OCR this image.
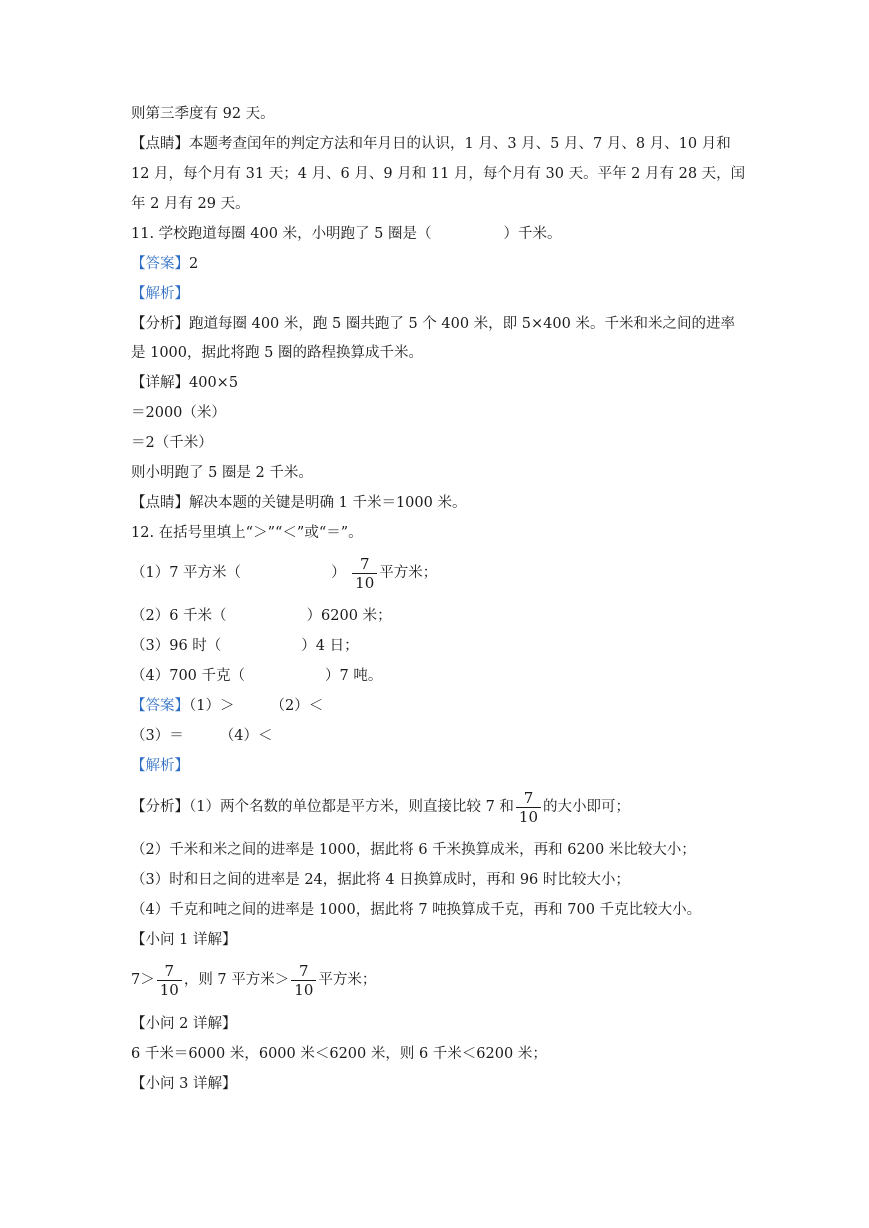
则第三季度有 92 天。
【点睛】本题考查闰年的判定方法和年月日的认识，1 月、3 月、5 月、7 月、8 月、10 月和
12 月，每个月有 31 天；4 月、6 月、9 月和 11 月，每个月有 30 天。平年 2 月有 28 天，闰
年 2 月有 29 天。
11. 学校跑道每圈 400 米，小明跑了 5 圈是（	）千米。
【答案】2
【解析】
【分析】跑道每圈 400 米，跑 5 圈共跑了 5 个 400 米，即 5×400 米。千米和米之间的进率
是 1000，据此将跑 5 圈的路程换算成千米。
【详解】400×5
＝2000（米）
＝2（千米）
则小明跑了 5 圈是 2 千米。
【点睛】解决本题的关键是明确 1 千米＝1000 米。
12. 在括号里填上“＞”“＜”或“＝”。
（1）7 平方米（	） $\frac{7}{10}$ 平方米；
（2）6 千米（	）6200 米；
（3）96 时（	）4 日；
（4）700 千克（	）7 吨。
【答案】（1）＞ （2）＜
（3）＝ （4）＜
【解析】
【分析】（1）两个名数的单位都是平方米，则直接比较 7 和 $\frac{7}{10}$ 的大小即可；
（2）千米和米之间的进率是 1000，据此将 6 千米换算成米，再和 6200 米比较大小；
（3）时和日之间的进率是 24，据此将 4 日换算成时，再和 96 时比较大小；
（4）千克和吨之间的进率是 1000，据此将 7 吨换算成千克，再和 700 千克比较大小。
【小问 1 详解】
$7> \frac{7}{10}$ ，则 7 平方米＞ $\frac{7}{10}$ 平方米；
【小问 2 详解】
6 千米＝6000 米，6000 米＜6200 米，则 6 千米＜6200 米；
【小问 3 详解】
